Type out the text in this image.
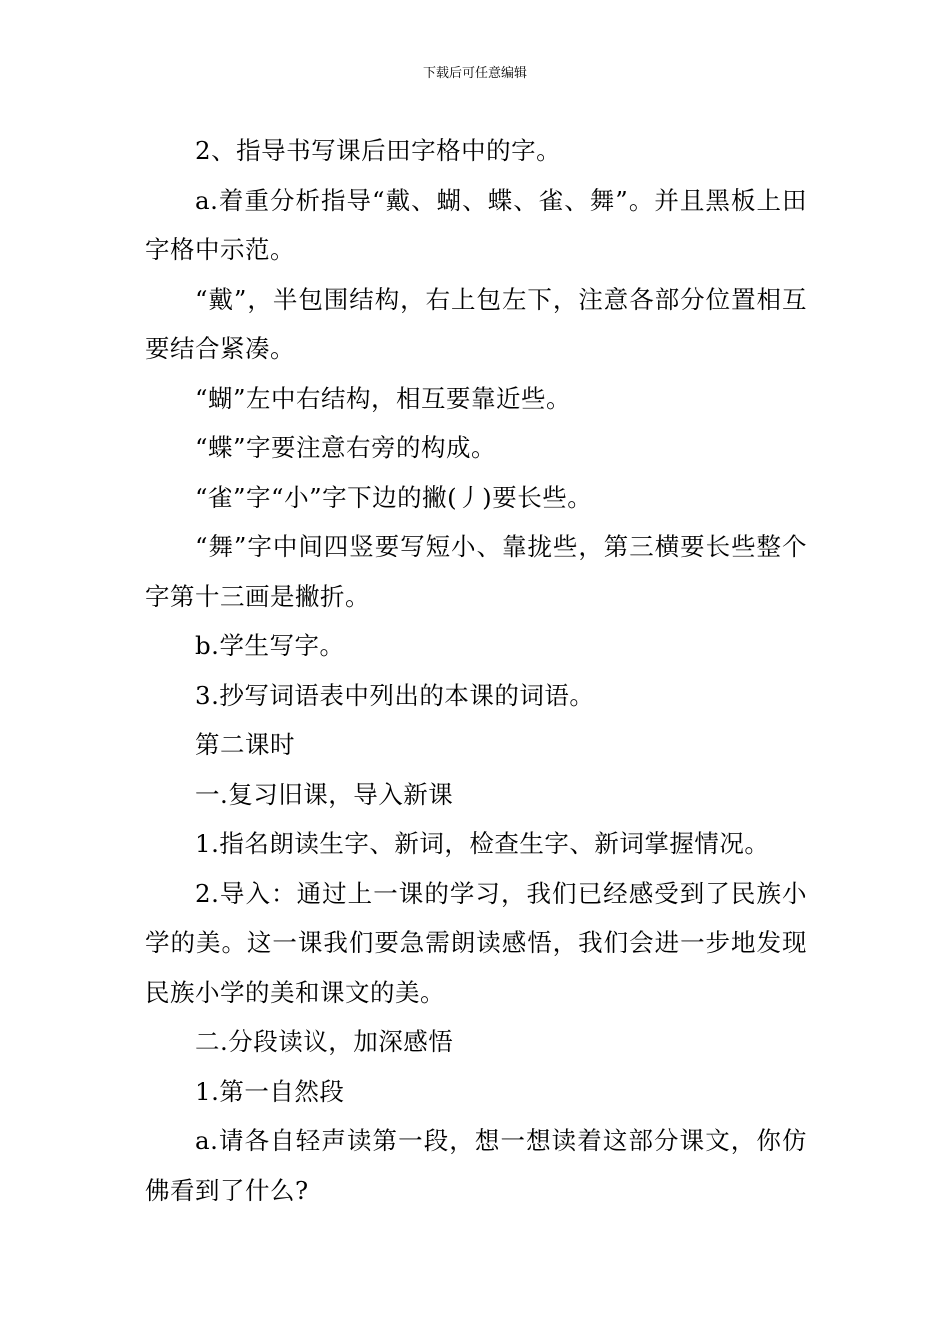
下载后可任意编辑

2、指导书写课后田字格中的字。

a.着重分析指导“戴、蝴、蝶、雀、舞”。并且黑板上田字格中示范。

“戴”，半包围结构，右上包左下，注意各部分位置相互要结合紧凑。

“蝴”左中右结构，相互要靠近些。

“蝶”字要注意右旁的构成。

“雀”字“小”字下边的撇(丿)要长些。

“舞”字中间四竖要写短小、靠拢些，第三横要长些整个字第十三画是撇折。

b.学生写字。

3.抄写词语表中列出的本课的词语。

第二课时

一.复习旧课，导入新课

1.指名朗读生字、新词，检查生字、新词掌握情况。

2.导入：通过上一课的学习，我们已经感受到了民族小学的美。这一课我们要急需朗读感悟，我们会进一步地发现民族小学的美和课文的美。

二.分段读议，加深感悟

1.第一自然段

a.请各自轻声读第一段，想一想读着这部分课文，你仿佛看到了什么?
